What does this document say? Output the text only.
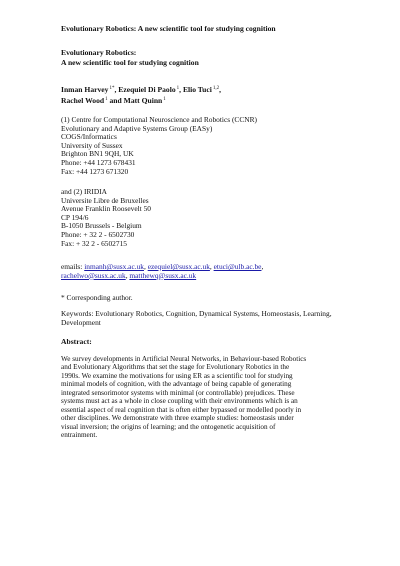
Evolutionary Robotics: A new scientific tool for studying cognition
Evolutionary Robotics:
A new scientific tool for studying cognition
Inman Harvey$^{1*}$, Ezequiel Di Paolo$^1$, Elio Tuci$^{1,2}$,
Rachel Wood$^1$ and Matt Quinn$^1$
(1) Centre for Computational Neuroscience and Robotics (CCNR)
Evolutionary and Adaptive Systems Group (EASy)
COGS/Informatics
University of Sussex
Brighton BN1 9QH, UK
Phone: +44 1273 678431
Fax: +44 1273 671320
and (2) IRIDIA
Universite Libre de Bruxelles
Avenue Franklin Roosevelt 50
CP 194/6
B-1050 Brussels - Belgium
Phone: + 32 2 - 6502730
Fax: + 32 2 - 6502715
emails: inmanh@susx.ac.uk, ezequiel@susx.ac.uk, etuci@ulb.ac.be,
rachelwo@susx.ac.uk, matthewq@susx.ac.uk
* Corresponding author.
Keywords: Evolutionary Robotics, Cognition, Dynamical Systems, Homeostasis, Learning, Development
Abstract:
We survey developments in Artificial Neural Networks, in Behaviour-based Robotics
and Evolutionary Algorithms that set the stage for Evolutionary Robotics in the
1990s. We examine the motivations for using ER as a scientific tool for studying
minimal models of cognition, with the advantage of being capable of generating
integrated sensorimotor systems with minimal (or controllable) prejudices. These
systems must act as a whole in close coupling with their environments which is an
essential aspect of real cognition that is often either bypassed or modelled poorly in
other disciplines. We demonstrate with three example studies: homeostasis under
visual inversion; the origins of learning; and the ontogenetic acquisition of
entrainment.
